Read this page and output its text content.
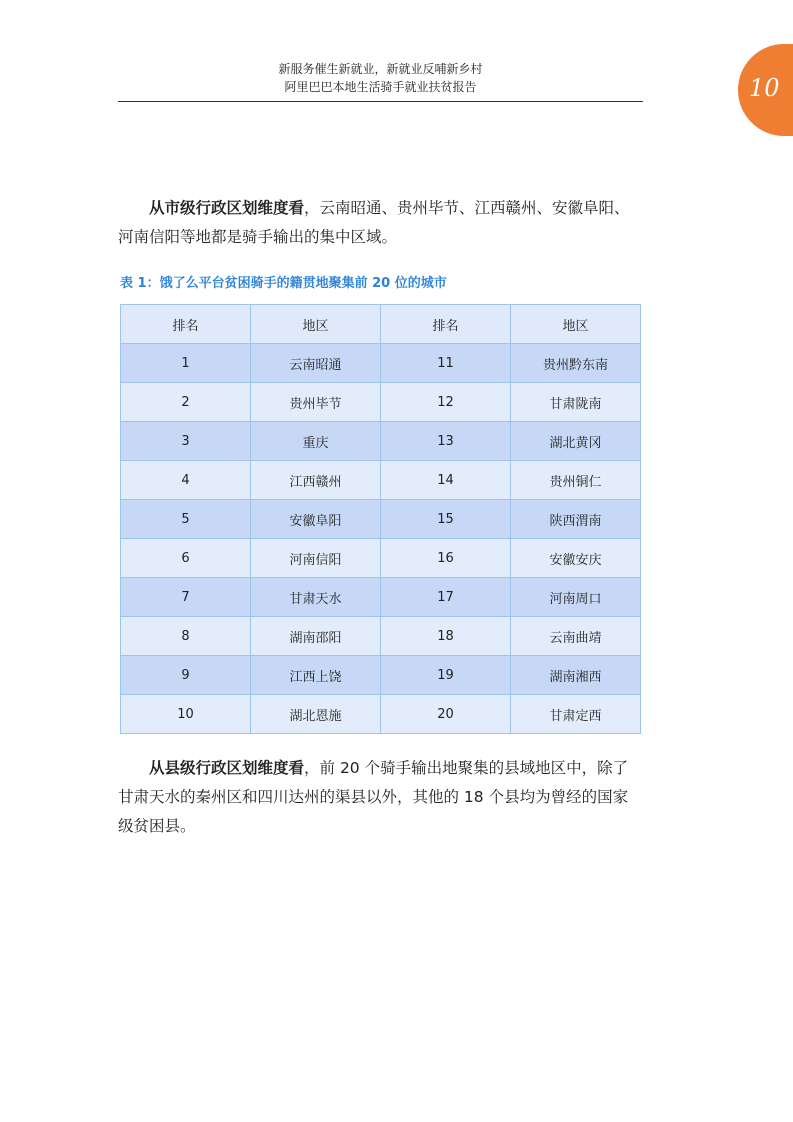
新服务催生新就业，新就业反哺新乡村
阿里巴巴本地生活骑手就业扶贫报告	10
从市级行政区划维度看，云南昭通、贵州毕节、江西赣州、安徽阜阳、河南信阳等地都是骑手输出的集中区域。
表 1：饿了么平台贫困骑手的籍贯地聚集前 20 位的城市
排名	地区	排名	地区
1	云南昭通	11	贵州黔东南
2	贵州毕节	12	甘肃陇南
3	重庆	13	湖北黄冈
4	江西赣州	14	贵州铜仁
5	安徽阜阳	15	陕西渭南
6	河南信阳	16	安徽安庆
7	甘肃天水	17	河南周口
8	湖南邵阳	18	云南曲靖
9	江西上饶	19	湖南湘西
10	湖北恩施	20	甘肃定西
从县级行政区划维度看，前 20 个骑手输出地聚集的县域地区中，除了甘肃天水的秦州区和四川达州的渠县以外，其他的 18 个县均为曾经的国家级贫困县。
